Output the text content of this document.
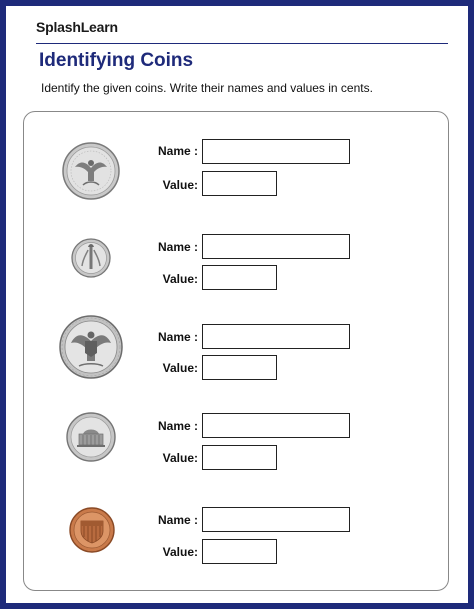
SplashLearn
Identifying Coins
Identify the given coins. Write their names and values in cents.
Name :
Value:
Name :
Value:
Name :
Value:
Name :
Value:
Name :
Value:
